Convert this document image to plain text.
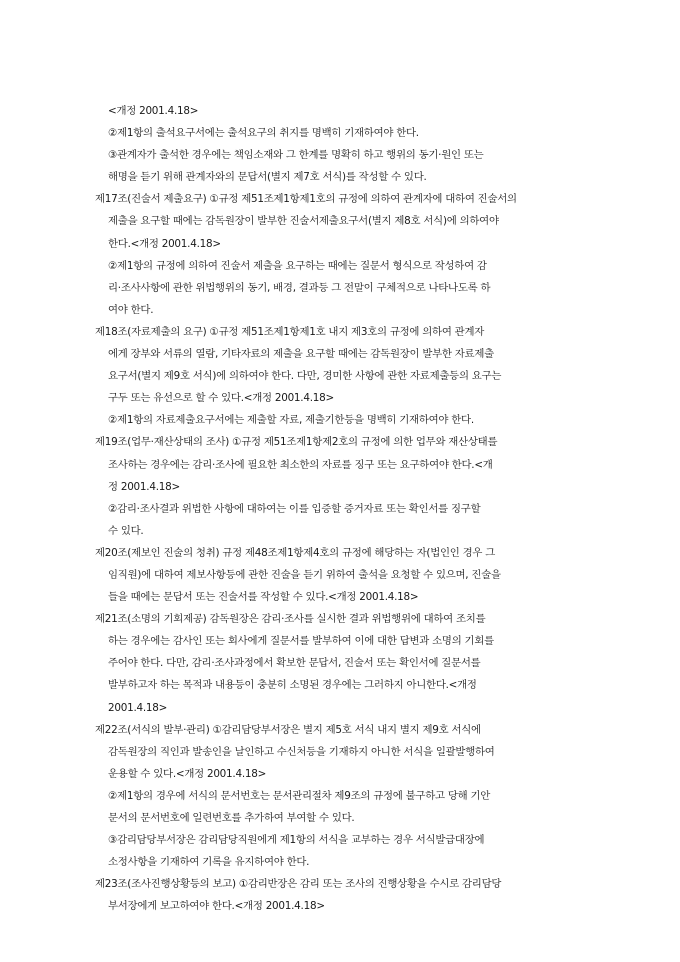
<개정 2001.4.18>

②제1항의 출석요구서에는 출석요구의 취지를 명백히 기재하여야 한다.

③관계자가 출석한 경우에는 책임소재와 그 한계를 명확히 하고 행위의 동기·원인 또는
해명을 듣기 위해 관계자와의 문답서(별지 제7호 서식)를 작성할 수 있다.

제17조(진술서 제출요구) ①규정 제51조제1항제1호의 규정에 의하여 관계자에 대하여 진술서의
제출을 요구할 때에는 감독원장이 발부한 진술서제출요구서(별지 제8호 서식)에 의하여야
한다.<개정 2001.4.18>

②제1항의 규정에 의하여 진술서 제출을 요구하는 때에는 질문서 형식으로 작성하여 감
리·조사사항에 관한 위법행위의 동기, 배경, 결과등 그 전말이 구체적으로 나타나도록 하
여야 한다.

제18조(자료제출의 요구) ①규정 제51조제1항제1호 내지 제3호의 규정에 의하여 관계자
에게 장부와 서류의 열람, 기타자료의 제출을 요구할 때에는 감독원장이 발부한 자료제출
요구서(별지 제9호 서식)에 의하여야 한다. 다만, 경미한 사항에 관한 자료제출등의 요구는
구두 또는 유선으로 할 수 있다.<개정 2001.4.18>

②제1항의 자료제출요구서에는 제출할 자료, 제출기한등을 명백히 기재하여야 한다.

제19조(업무·재산상태의 조사) ①규정 제51조제1항제2호의 규정에 의한 업무와 재산상태를
조사하는 경우에는 감리·조사에 필요한 최소한의 자료를 징구 또는 요구하여야 한다.<개
정 2001.4.18>

②감리·조사결과 위법한 사항에 대하여는 이를 입증할 증거자료 또는 확인서를 징구할
수 있다.

제20조(제보인 진술의 청취) 규정 제48조제1항제4호의 규정에 해당하는 자(법인인 경우 그
임직원)에 대하여 제보사항등에 관한 진술을 듣기 위하여 출석을 요청할 수 있으며, 진술을
들을 때에는 문답서 또는 진술서를 작성할 수 있다.<개정 2001.4.18>

제21조(소명의 기회제공) 감독원장은 감리·조사를 실시한 결과 위법행위에 대하여 조치를
하는 경우에는 감사인 또는 회사에게 질문서를 발부하여 이에 대한 답변과 소명의 기회를
주어야 한다. 다만, 감리·조사과정에서 확보한 문답서, 진술서 또는 확인서에 질문서를
발부하고자 하는 목적과 내용등이 충분히 소명된 경우에는 그러하지 아니한다.<개정
2001.4.18>

제22조(서식의 발부·관리) ①감리담당부서장은 별지 제5호 서식 내지 별지 제9호 서식에
감독원장의 직인과 발송인을 날인하고 수신처등을 기재하지 아니한 서식을 일괄발행하여
운용할 수 있다.<개정 2001.4.18>

②제1항의 경우에 서식의 문서번호는 문서관리절차 제9조의 규정에 불구하고 당해 기안
문서의 문서번호에 일련번호를 추가하여 부여할 수 있다.

③감리담당부서장은 감리담당직원에게 제1항의 서식을 교부하는 경우 서식발급대장에
소정사항을 기재하여 기록을 유지하여야 한다.

제23조(조사진행상황등의 보고) ①감리반장은 감리 또는 조사의 진행상황을 수시로 감리담당
부서장에게 보고하여야 한다.<개정 2001.4.18>
